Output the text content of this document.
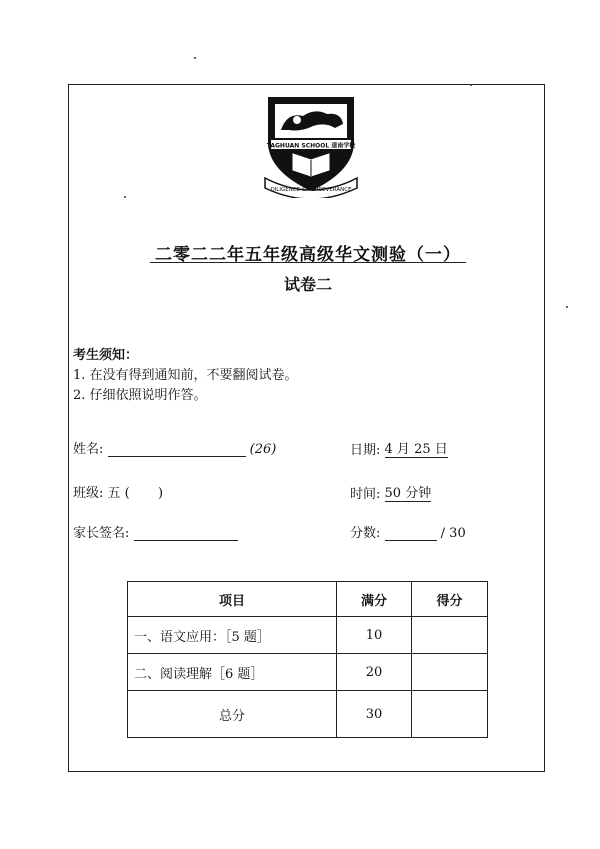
TAGHUAN SCHOOL 道南学校
DILIGENCE & PERSEVERANCE
二零二二年五年级高级华文测验（一）
试卷二
考生须知：
1. 在没有得到通知前，不要翻阅试卷。
2. 仔细依照说明作答。
姓名:	(26)	日期: 4 月 25 日
班级: 五 ( )	时间: 50 分钟
家长签名:	分数:	/ 30
项目	满分	得分
一、语文应用：［5 题］	10	
二、阅读理解［6 题］	20	
总分	30	
